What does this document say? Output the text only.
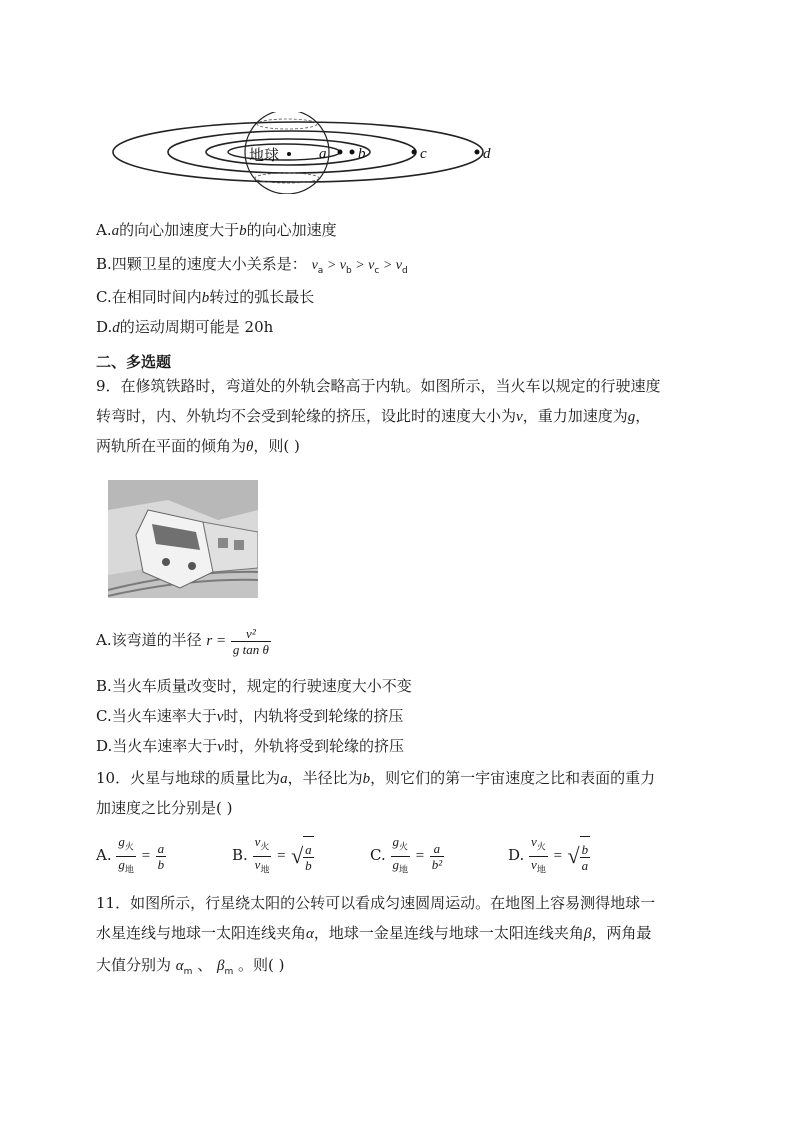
地球	a b	c	d
A.a的向心加速度大于b的向心加速度
B.四颗卫星的速度大小关系是： $v_a > v_b > v_c > v_d$
C.在相同时间内b转过的弧长最长
D.d的运动周期可能是 20h
二、多选题
9．在修筑铁路时，弯道处的外轨会略高于内轨。如图所示，当火车以规定的行驶速度
转弯时，内、外轨均不会受到轮缘的挤压，设此时的速度大小为v，重力加速度为g，
两轨所在平面的倾角为θ，则( )
A.该弯道的半径 $r = \frac{\text{v²}}{\text{g tan θ}}$
B.当火车质量改变时，规定的行驶速度大小不变
C.当火车速率大于v时，内轨将受到轮缘的挤压
D.当火车速率大于v时，外轨将受到轮缘的挤压
10．火星与地球的质量比为a，半径比为b，则它们的第一宇宙速度之比和表面的重力
加速度之比分别是( )
A. $\frac{g_火}{g_地} = \frac{a}{b}$	B. $\frac{v_火}{v_地}$ = √ $\frac{a}{b}$	C. $\frac{g_火}{g_地} = \frac{a}{\text{b²}}$	D. $\frac{v_火}{v_地}$ = √ $\frac{b}{a}$
11．如图所示，行星绕太阳的公转可以看成匀速圆周运动。在地图上容易测得地球一
水星连线与地球一太阳连线夹角α，地球一金星连线与地球一太阳连线夹角β，两角最
大值分别为 $\alpha_m$ 、 $\beta_m$ 。则( )
